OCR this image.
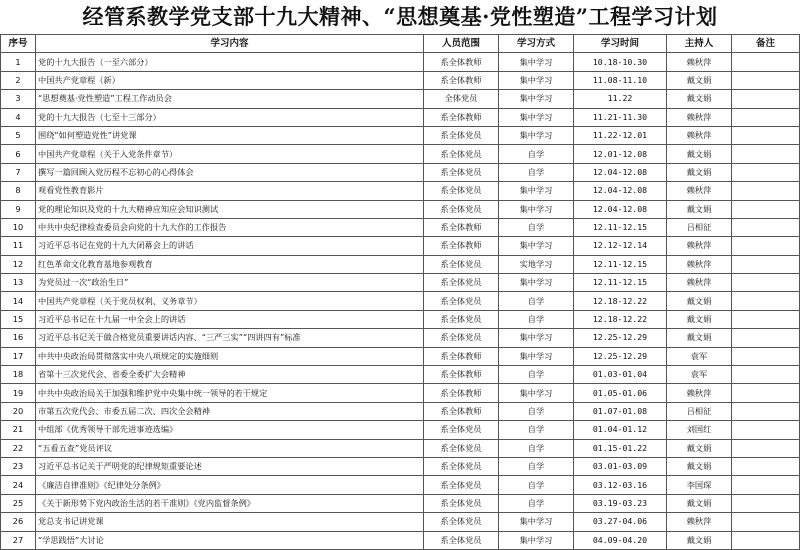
经管系教学党支部十九大精神、“思想奠基·党性塑造”工程学习计划
序号	学习内容	人员范围	学习方式	学习时间	主持人	备注
1	党的十九大报告（一至六部分）	系全体教师	集中学习	10.18-10.30	赖秋萍	
2	中国共产党章程（新）	系全体教师	集中学习	11.08-11.10	戴文娟	
3	“思想奠基·党性塑造”工程工作动员会	全体党员	集中学习	11.22	戴文娟	
4	党的十九大报告（七至十三部分）	系全体教师	集中学习	11.21-11.30	赖秋萍	
5	围绕“如何塑造党性”讲党课	系全体党员	集中学习	11.22-12.01	赖秋萍	
6	中国共产党章程（关于入党条件章节）	系全体党员	自学	12.01-12.08	戴文娟	
7	撰写一篇回顾入党历程不忘初心的心得体会	系全体党员	自学	12.04-12.08	戴文娟	
8	观看党性教育影片	系全体党员	集中学习	12.04-12.08	赖秋萍	
9	党的理论知识及党的十九大精神应知应会知识测试	系全体党员	集中学习	12.04-12.08	戴文娟	
10	中共中央纪律检查委员会向党的十九大作的工作报告	系全体教师	自学	12.11-12.15	吕相征	
11	习近平总书记在党的十九大闭幕会上的讲话	系全体教师	集中学习	12.12-12.14	赖秋萍	
12	红色革命文化教育基地参观教育	系全体党员	实地学习	12.11-12.15	赖秋萍	
13	为党员过一次“政治生日”	系全体党员	集中学习	12.11-12.15	赖秋萍	
14	中国共产党章程（关于党员权利、义务章节）	系全体党员	自学	12.18-12.22	戴文娟	
15	习近平总书记在十九届一中全会上的讲话	系全体党员	自学	12.18-12.22	戴文娟	
16	习近平总书记关于做合格党员重要讲话内容、“三严三实”“四讲四有”标准	系全体党员	集中学习	12.25-12.29	戴文娟	
17	中共中央政治局贯彻落实中央八项规定的实施细则	系全体教师	集中学习	12.25-12.29	袁军	
18	省第十三次党代会、省委全委扩大会精神	系全体教师	自学	01.03-01.04	袁军	
19	中共中央政治局关于加强和维护党中央集中统一领导的若干规定	系全体教师	集中学习	01.05-01.06	赖秋萍	
20	市第五次党代会、市委五届二次、四次全会精神	系全体教师	自学	01.07-01.08	吕相征	
21	中组部《优秀领导干部先进事迹选编》	系全体党员	自学	01.04-01.12	刘国红	
22	“五看五查”党员评议	系全体党员	自学	01.15-01.22	戴文娟	
23	习近平总书记关于严明党的纪律规矩重要论述	系全体党员	自学	03.01-03.09	戴文娟	
24	《廉洁自律准则》《纪律处分条例》	系全体党员	自学	03.12-03.16	李国琛	
25	《关于新形势下党内政治生活的若干准则》《党内监督条例》	系全体党员	自学	03.19-03.23	戴文娟	
26	党总支书记讲党课	系全体党员	集中学习	03.27-04.06	赖秋萍	
27	“学思践悟”大讨论	系全体党员	集中学习	04.09-04.20	戴文娟	
